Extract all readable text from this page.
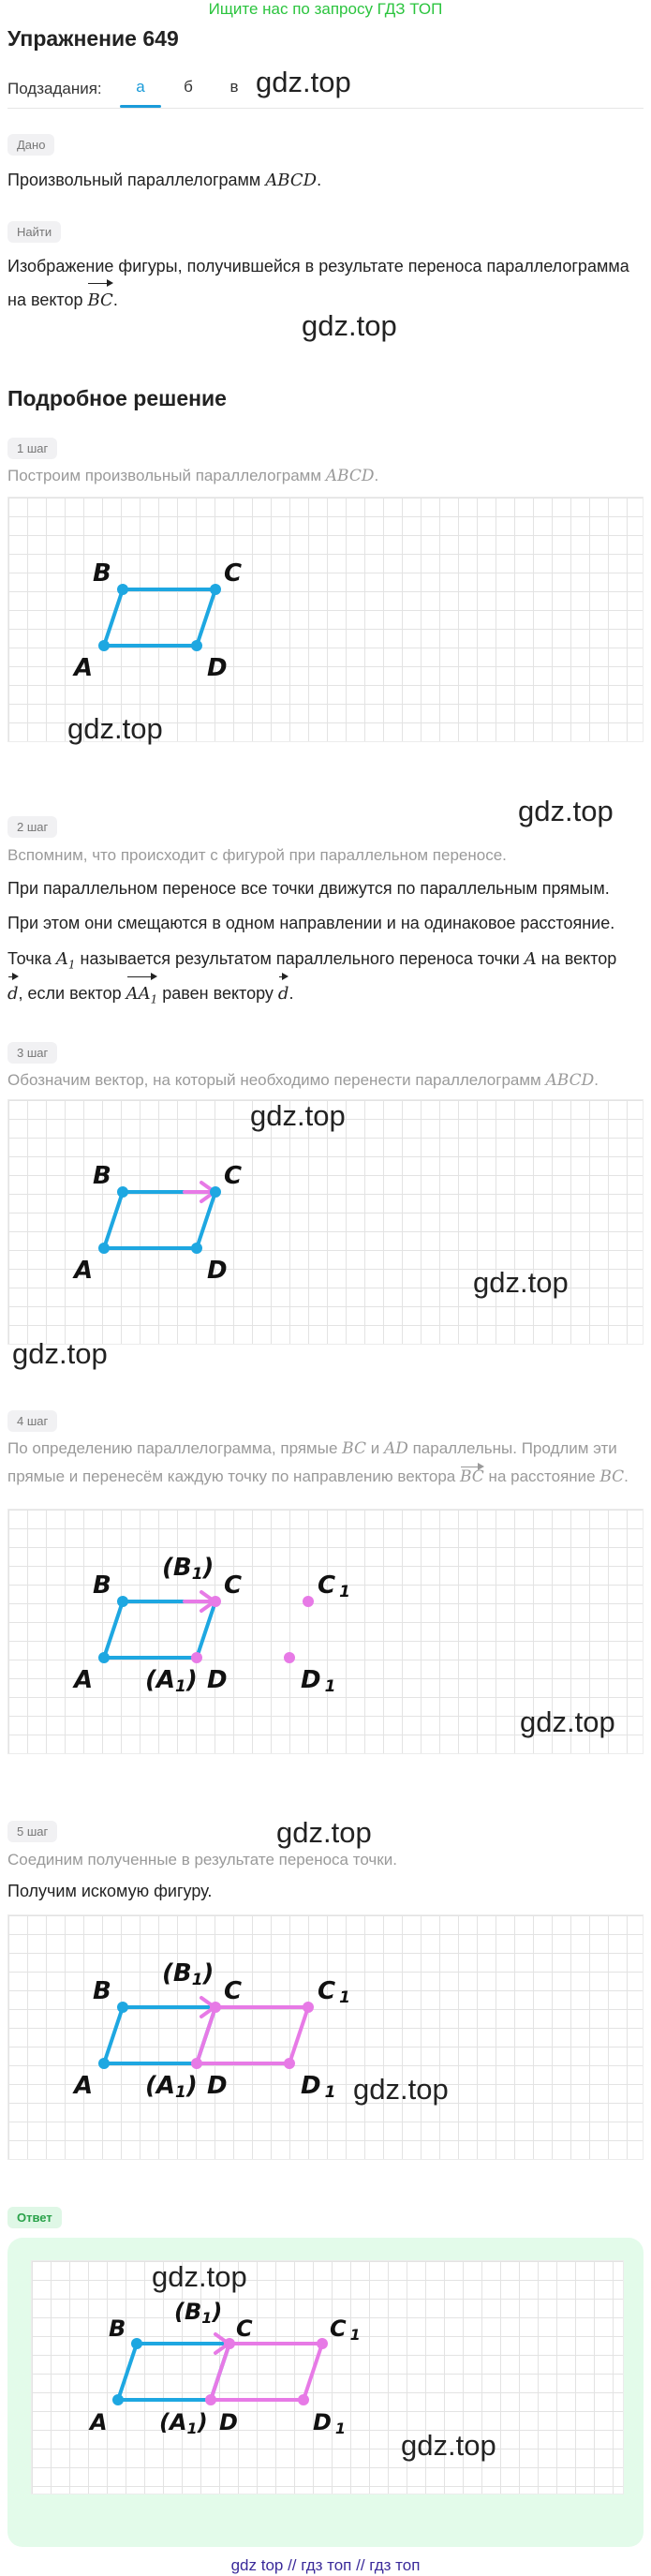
Ищите нас по запросу ГДЗ ТОП
Упражнение 649
Подзадания:	а	б	в gdz.top
Дано
Произвольный параллелограмм ABCD.
Найти
Изображение фигуры, получившейся в результате переноса параллелограмма на вектор BC.
gdz.top
Подробное решение
1 шаг
Построим произвольный параллелограмм ABCD.
B	C
A	D
gdz.top
gdz.top
2 шаг
Вспомним, что происходит с фигурой при параллельном переносе.
При параллельном переносе все точки движутся по параллельным прямым.
При этом они смещаются в одном направлении и на одинаковое расстояние.
Точка $A_1$ называется результатом параллельного переноса точки A на вектор
d, если вектор $AA_1$ равен вектору d.
3 шаг
Обозначим вектор, на который необходимо перенести параллелограмм ABCD.
B	C
A	D
gdz.top
gdz.top
gdz.top
4 шаг
По определению параллелограмма, прямые BC и AD параллельны. Продлим эти
прямые и перенесём каждую точку по направлению вектора BC на расстояние BC.
B	C
A	D
(B1)
(A1)
C 1
D 1
gdz.top
gdz.top
5 шаг
Соединим полученные в результате переноса точки.
Получим искомую фигуру.
B	C
A	D
(B1)
(A1)
C 1
D 1 gdz.top
Ответ
B	C
A	D
(B1)
(A1)
C 1
D 1
gdz.top
gdz.top
gdz top // гдз топ // гдз топ
